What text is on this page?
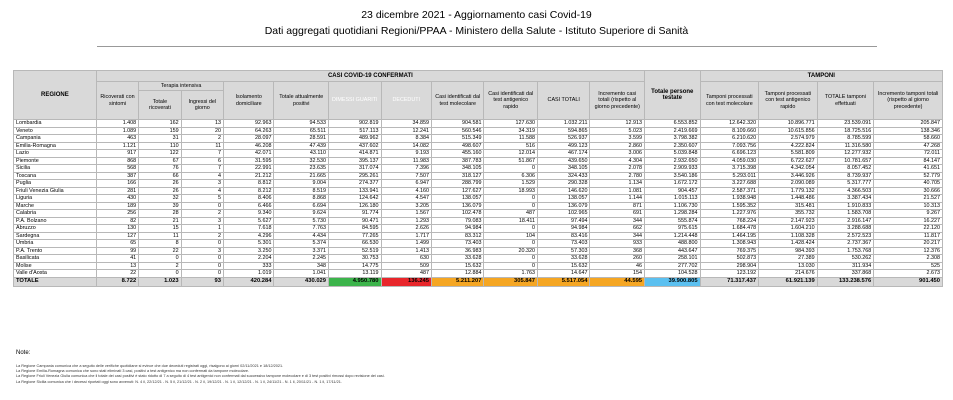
23 dicembre 2021 - Aggiornamento casi Covid-19
Dati aggregati quotidiani Regioni/PPAA - Ministero della Salute - Istituto Superiore di Sanità
REGIONE	CASI COVID-19 CONFERMATI											Totale persone testate	TAMPONI			
	Ricoverati con sintomi	Terapia intensiva		Isolamento domiciliare	Totale attualmente positivi	DIMESSI GUARITI	DECEDUTI	Casi identificati dal test molecolare	Casi identificati dal test antigenico rapido	CASI TOTALI	Incremento casi totali (rispetto al giorno precedente)		Tamponi processati con test molecolare	Tamponi processati con test antigenico rapido	TOTALE tamponi effettuati	Incremento tamponi totali (rispetto al giorno precedente)
		Totale ricoverati	Ingressi del giorno													
Lombardia	1.408	162	13	92.963	94.533	902.819	34.859	904.581	127.630	1.032.211	12.913	6.553.852	12.642.320	10.896.771	23.539.091	205.847
Veneto	1.089	159	20	64.263	65.511	517.113	12.241	560.546	34.319	594.865	5.023	2.419.669	8.109.660	10.615.856	18.725.516	138.346
Campania	463	31	2	28.097	28.591	489.962	8.384	515.349	11.588	526.937	3.599	3.798.382	6.210.620	2.574.979	8.785.599	58.660
Emilia-Romagna	1.121	110	11	46.208	47.439	437.602	14.082	498.607	516	499.123	2.860	2.350.607	7.093.756	4.222.824	11.316.580	47.268
Lazio	917	122	7	42.071	43.110	414.871	9.193	455.160	12.014	467.174	3.006	5.039.848	6.696.123	5.581.809	12.277.932	72.011
Piemonte	868	67	6	31.595	32.530	395.137	11.983	387.783	51.867	439.650	4.304	2.932.650	4.059.030	6.722.627	10.781.657	84.147
Sicilia	568	76	7	22.991	23.635	317.074	7.396	348.105	0	348.105	2.078	2.909.933	3.715.398	4.342.054	8.057.452	41.651
Toscana	387	66	4	21.212	21.665	295.261	7.507	318.127	6.306	324.433	2.780	3.540.186	5.293.011	3.446.926	8.739.937	52.779
Puglia	166	26	3	8.812	9.004	274.377	6.947	288.799	1.529	290.328	1.134	1.672.172	3.227.688	2.090.089	5.317.777	40.705
Friuli Venezia Giulia	281	26	4	8.212	8.519	133.941	4.160	127.627	18.993	146.620	1.081	904.457	2.587.371	1.779.132	4.366.503	30.666
Liguria	430	32	5	8.406	8.868	124.642	4.547	138.057	0	138.057	1.144	1.015.113	1.938.948	1.448.486	3.387.434	21.527
Marche	189	39	0	6.466	6.694	126.180	3.205	136.079	0	136.079	871	1.106.730	1.595.352	315.481	1.910.833	10.313
Calabria	256	28	2	9.340	9.624	91.774	1.567	102.478	487	102.965	691	1.298.284	1.227.976	355.732	1.583.708	9.267
P.A. Bolzano	82	21	3	5.627	5.730	90.471	1.293	79.083	18.411	97.494	344	555.874	768.224	2.147.923	2.916.147	16.227
Abruzzo	130	15	1	7.618	7.763	84.595	2.626	94.984	0	94.984	662	975.615	1.684.478	1.604.210	3.288.688	22.120
Sardegna	127	11	2	4.296	4.434	77.265	1.717	83.312	104	83.416	344	1.214.448	1.464.195	1.108.328	2.572.523	11.817
Umbria	65	8	0	5.301	5.374	66.530	1.499	73.403	0	73.403	933	488.800	1.308.943	1.428.424	2.737.367	20.217
P.A. Trento	99	22	3	3.250	3.371	52.519	1.413	36.983	20.320	57.303	368	443.647	769.375	984.393	1.753.768	12.376
Basilicata	41	0	0	2.204	2.245	30.753	630	33.628	0	33.628	260	258.101	502.873	27.389	530.262	2.308
Molise	13	2	0	333	348	14.775	509	15.632	0	15.632	46	277.702	298.904	13.030	311.934	525
Valle d'Aosta	22	0	0	1.019	1.041	13.119	487	12.884	1.763	14.647	154	104.528	123.192	214.676	337.868	2.673
TOTALE	8.722	1.023	93	420.284	430.029	4.950.780	136.245	5.211.207	305.847	5.517.054	44.595	39.900.805	71.317.437	61.921.139	133.238.576	901.450
Note:
La Regione Campania comunica che a seguito delle verifiche quotidiane si evince che due deceduti registrati oggi, risalgono ai giorni 02/11/2021 e 18/12/2021.
La Regione Emilia-Romagna comunica che sono stati eliminati 3 casi, positivi a test antigenico ma non confermati da tampone molecolare.
La Regione Friuli Venezia Giulia comunica che il totale dei casi positivi è stato ridotto di 7 a seguito di 4 test antigenici non confermati dal successivo tampone molecolare e di 3 test positivi rimossi dopo revisione dei casi.
La Regione Sicilia comunica che i decessi riportati oggi sono avvenuti: N. 4 il, 22/12/21 - N. 5 il, 21/12/21 - N. 2 il, 19/12/21 - N. 1 il, 12/12/21 - N. 1 il, 24/11/21 - N. 1 il, 20/11/21 - N. 1 il, 17/11/21.
